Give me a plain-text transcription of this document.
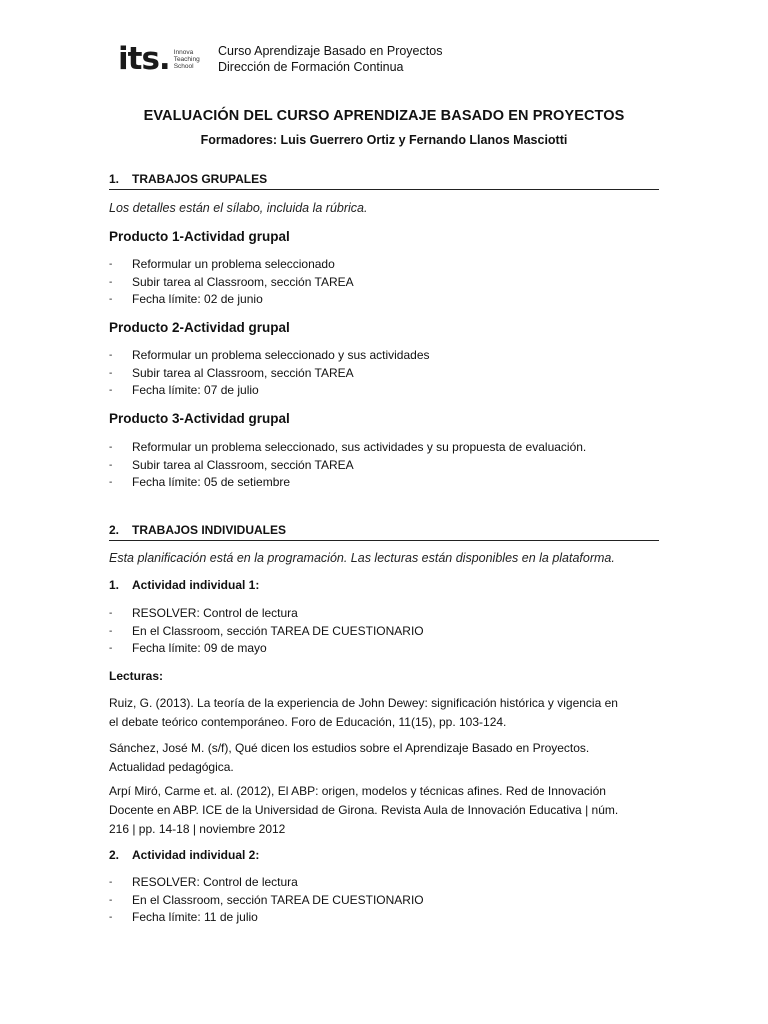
its. Innova
Teaching
School
Curso Aprendizaje Basado en Proyectos
Dirección de Formación Continua
EVALUACIÓN DEL CURSO APRENDIZAJE BASADO EN PROYECTOS
Formadores: Luis Guerrero Ortiz y Fernando Llanos Masciotti
1.	TRABAJOS GRUPALES
Los detalles están el sílabo, incluida la rúbrica.
Producto 1-Actividad grupal
-	Reformular un problema seleccionado
-	Subir tarea al Classroom, sección TAREA
-	Fecha límite: 02 de junio
Producto 2-Actividad grupal
-	Reformular un problema seleccionado y sus actividades
-	Subir tarea al Classroom, sección TAREA
-	Fecha límite: 07 de julio
Producto 3-Actividad grupal
-	Reformular un problema seleccionado, sus actividades y su propuesta de evaluación.
-	Subir tarea al Classroom, sección TAREA
-	Fecha límite: 05 de setiembre
2.	TRABAJOS INDIVIDUALES
Esta planificación está en la programación. Las lecturas están disponibles en la plataforma.
1.	Actividad individual 1:
-	RESOLVER: Control de lectura
-	En el Classroom, sección TAREA DE CUESTIONARIO
-	Fecha límite: 09 de mayo
Lecturas:
Ruiz, G. (2013). La teoría de la experiencia de John Dewey: significación histórica y vigencia en
el debate teórico contemporáneo. Foro de Educación, 11(15), pp. 103-124.
Sánchez, José M. (s/f), Qué dicen los estudios sobre el Aprendizaje Basado en Proyectos.
Actualidad pedagógica.
Arpí Miró, Carme et. al. (2012), El ABP: origen, modelos y técnicas afines. Red de Innovación
Docente en ABP. ICE de la Universidad de Girona. Revista Aula de Innovación Educativa | núm.
216 | pp. 14-18 | noviembre 2012
2.	Actividad individual 2:
-	RESOLVER: Control de lectura
-	En el Classroom, sección TAREA DE CUESTIONARIO
-	Fecha límite: 11 de julio
